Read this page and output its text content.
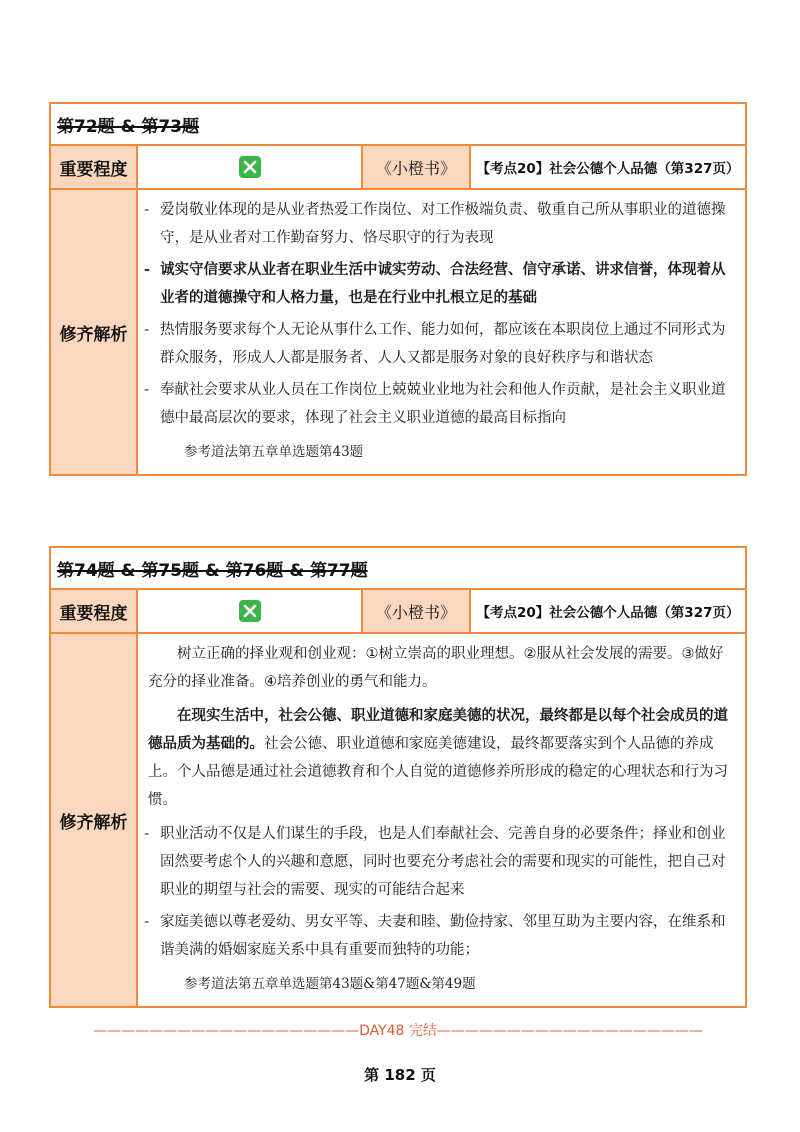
第72题 & 第73题
重要程度	《小橙书》	【考点20】社会公德个人品德（第327页）
修齐解析
- 爱岗敬业体现的是从业者热爱工作岗位、对工作极端负责、敬重自己所从事职业的道德操守，是从业者对工作勤奋努力、恪尽职守的行为表现
- 诚实守信要求从业者在职业生活中诚实劳动、合法经营、信守承诺、讲求信誉，体现着从业者的道德操守和人格力量，也是在行业中扎根立足的基础
- 热情服务要求每个人无论从事什么工作、能力如何，都应该在本职岗位上通过不同形式为群众服务，形成人人都是服务者、人人又都是服务对象的良好秩序与和谐状态
- 奉献社会要求从业人员在工作岗位上兢兢业业地为社会和他人作贡献，是社会主义职业道德中最高层次的要求，体现了社会主义职业道德的最高目标指向
参考道法第五章单选题第43题
第74题 & 第75题 & 第76题 & 第77题
重要程度	《小橙书》	【考点20】社会公德个人品德（第327页）
修齐解析
树立正确的择业观和创业观：①树立崇高的职业理想。②服从社会发展的需要。③做好充分的择业准备。④培养创业的勇气和能力。
在现实生活中，社会公德、职业道德和家庭美德的状况，最终都是以每个社会成员的道德品质为基础的。社会公德、职业道德和家庭美德建设，最终都要落实到个人品德的养成上。个人品德是通过社会道德教育和个人自觉的道德修养所形成的稳定的心理状态和行为习惯。
- 职业活动不仅是人们谋生的手段，也是人们奉献社会、完善自身的必要条件；择业和创业固然要考虑个人的兴趣和意愿，同时也要充分考虑社会的需要和现实的可能性，把自己对职业的期望与社会的需要、现实的可能结合起来
- 家庭美德以尊老爱幼、男女平等、夫妻和睦、勤俭持家、邻里互助为主要内容，在维系和谐美满的婚姻家庭关系中具有重要而独特的功能；
参考道法第五章单选题第43题&第47题&第49题
———————————————————DAY48 完结———————————————————
第 182 页
